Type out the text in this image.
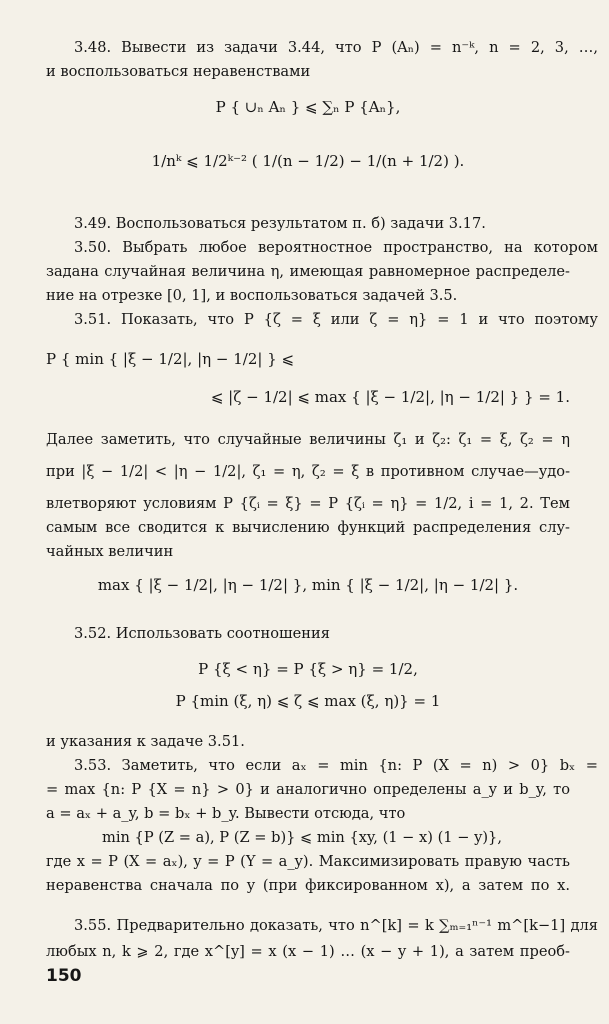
3.48. Вывести из задачи 3.44, что P (Aₙ) = n⁻ᵏ, n = 2, 3, …,
и воспользоваться неравенствами
P { ∪ₙ Aₙ } ⩽ ∑ₙ P {Aₙ},
1/nᵏ ⩽ 1/2ᵏ⁻² ( 1/(n − 1/2) − 1/(n + 1/2) ).
3.49. Воспользоваться результатом п. б) задачи 3.17.
3.50. Выбрать любое вероятностное пространство, на котором
задана случайная величина η, имеющая равномерное распределе-
ние на отрезке [0, 1], и воспользоваться задачей 3.5.
3.51. Показать, что P {ζ = ξ или ζ = η} = 1 и что поэтому
P { min { |ξ − 1/2|, |η − 1/2| } ⩽
⩽ |ζ − 1/2| ⩽ max { |ξ − 1/2|, |η − 1/2| } } = 1.
Далее заметить, что случайные величины ζ₁ и ζ₂: ζ₁ = ξ, ζ₂ = η
при |ξ − 1/2| < |η − 1/2|, ζ₁ = η, ζ₂ = ξ в противном случае—удо-
влетворяют условиям P {ζᵢ = ξ} = P {ζᵢ = η} = 1/2, i = 1, 2. Тем
самым все сводится к вычислению функций распределения слу-
чайных величин
max { |ξ − 1/2|, |η − 1/2| }, min { |ξ − 1/2|, |η − 1/2| }.
3.52. Использовать соотношения
P {ξ < η} = P {ξ > η} = 1/2,
P {min (ξ, η) ⩽ ζ ⩽ max (ξ, η)} = 1
и указания к задаче 3.51.
3.53. Заметить, что если aₓ = min {n: P (X = n) > 0} bₓ =
= max {n: P {X = n} > 0} и аналогично определены a_y и b_y, то
a = aₓ + a_y, b = bₓ + b_y. Вывести отсюда, что
min {P (Z = a), P (Z = b)} ⩽ min {xy, (1 − x) (1 − y)},
где x = P (X = aₓ), y = P (Y = a_y). Максимизировать правую часть
неравенства сначала по y (при фиксированном x), а затем по x.
3.55. Предварительно доказать, что n^[k] = k ∑ₘ₌₁ⁿ⁻¹ m^[k−1] для
любых n, k ⩾ 2, где x^[y] = x (x − 1) … (x − y + 1), а затем преоб-
150
